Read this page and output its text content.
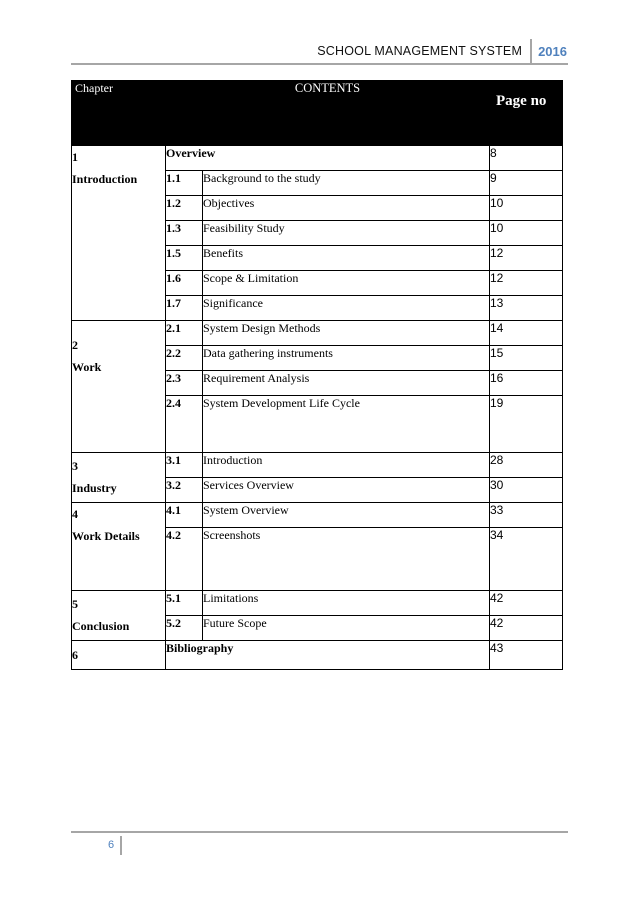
SCHOOL MANAGEMENT SYSTEM 2016
Chapter	CONTENTS		Page no

1
Introduction	Overview		8
	1.1	Background to the study	9
	1.2	Objectives	10
	1.3	Feasibility Study	10
	1.5	Benefits	12
	1.6	Scope & Limitation	12
	1.7	Significance	13

2
Work	2.1	System Design Methods	14
	2.2	Data gathering instruments	15
	2.3	Requirement Analysis	16
	2.4	System Development Life Cycle	19

3
Industry	3.1	Introduction	28
	3.2	Services Overview	30

4
Work Details	4.1	System Overview	33
	4.2	Screenshots	34

5
Conclusion	5.1	Limitations	42
	5.2	Future Scope	42

6	Bibliography		43
6
